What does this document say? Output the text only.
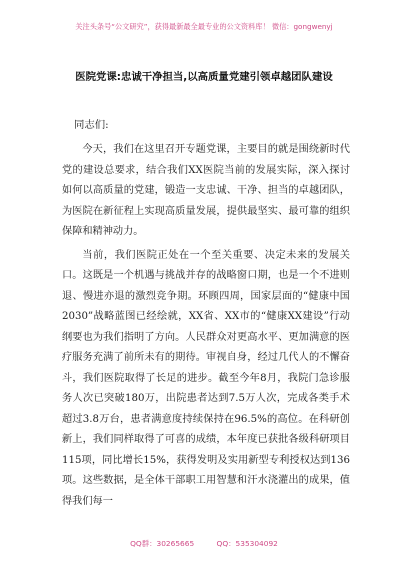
关注头条号“公文研究”，获得最新最全最专业的公文资料库！ 微信：gongwenyj
医院党课:忠诚干净担当,以高质量党建引领卓越团队建设
同志们:

今天，我们在这里召开专题党课，主要目的就是围绕新时代党的建设总要求，结合我们XX医院当前的发展实际，深入探讨如何以高质量的党建，锻造一支忠诚、干净、担当的卓越团队，为医院在新征程上实现高质量发展，提供最坚实、最可靠的组织保障和精神动力。

当前，我们医院正处在一个至关重要、决定未来的发展关口。这既是一个机遇与挑战并存的战略窗口期，也是一个不进则退、慢进亦退的激烈竞争期。环顾四周，国家层面的“健康中国2030”战略蓝图已经绘就，XX省、XX市的“健康XX建设”行动纲要也为我们指明了方向。人民群众对更高水平、更加满意的医疗服务充满了前所未有的期待。审视自身，经过几代人的不懈奋斗，我们医院取得了长足的进步。截至今年8月，我院门急诊服务人次已突破180万，出院患者达到7.5万人次，完成各类手术超过3.8万台，患者满意度持续保持在96.5%的高位。在科研创新上，我们同样取得了可喜的成绩，本年度已获批各级科研项目115项，同比增长15%，获得发明及实用新型专利授权达到136项。这些数据，是全体干部职工用智慧和汗水浇灌出的成果，值得我们每一

QQ群：30265665	QQ：535304092
